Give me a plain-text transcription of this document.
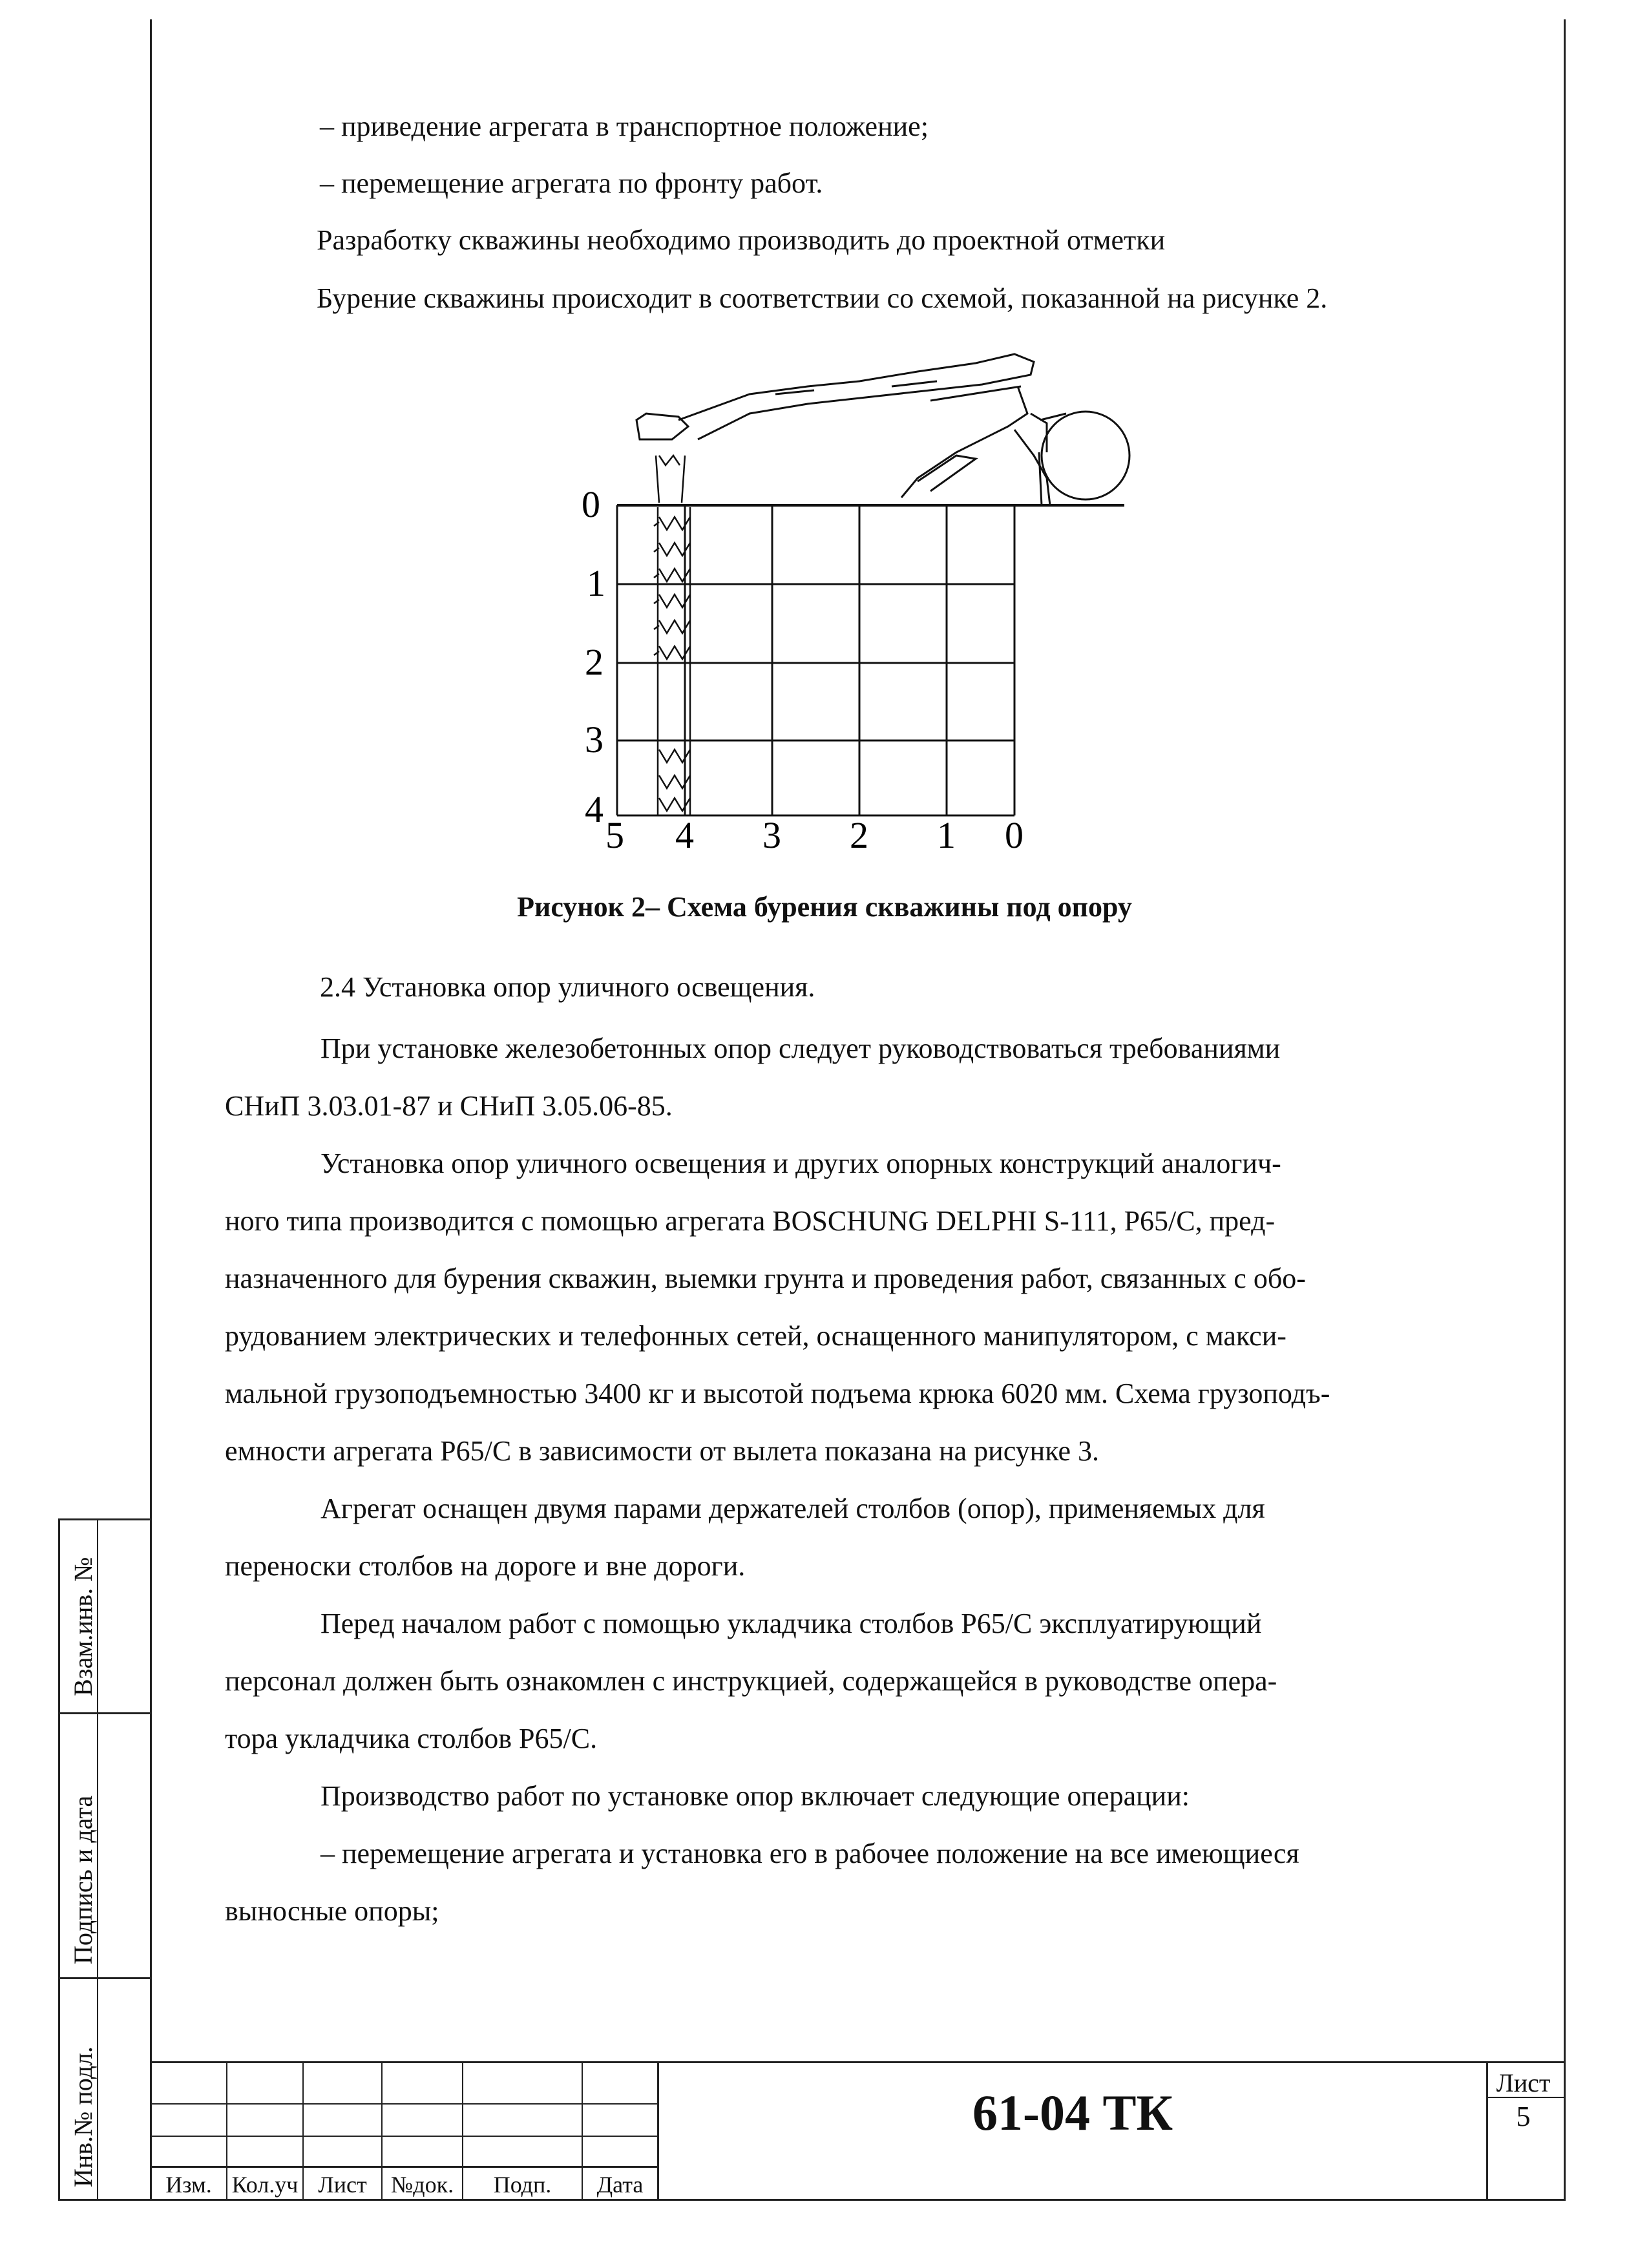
– приведение агрегата в транспортное положение;
– перемещение агрегата по фронту работ.
Разработку скважины необходимо производить до проектной отметки
Бурение скважины происходит в соответствии со схемой, показанной на рисунке 2.
0
1
2
3
4
5 4 3 2 1 0
Рисунок 2– Схема бурения скважины под опору
2.4 Установка опор уличного освещения.
При установке железобетонных опор следует руководствоваться требованиями
СНиП 3.03.01-87 и СНиП 3.05.06-85.
Установка опор уличного освещения и других опорных конструкций аналогич-
ного типа производится с помощью агрегата BOSCHUNG DELPHI S-111, P65/C, пред-
назначенного для бурения скважин, выемки грунта и проведения работ, связанных с обо-
рудованием электрических и телефонных сетей, оснащенного манипулятором, с макси-
мальной грузоподъемностью 3400 кг и высотой подъема крюка 6020 мм. Схема грузоподъ-
емности агрегата P65/C в зависимости от вылета показана на рисунке 3.
Агрегат оснащен двумя парами держателей столбов (опор), применяемых для
переноски столбов на дороге и вне дороги.
Перед началом работ с помощью укладчика столбов P65/C эксплуатирующий
персонал должен быть ознакомлен с инструкцией, содержащейся в руководстве опера-
тора укладчика столбов P65/C.
Производство работ по установке опор включает следующие операции:
– перемещение агрегата и установка его в рабочее положение на все имеющиеся
выносные опоры;
Взам.инв. №
Подпись и дата
Инв.№ подл.	Изм. Кол.уч Лист	№док.	Подп.	Дата
61-04 ТК
Лист
5
